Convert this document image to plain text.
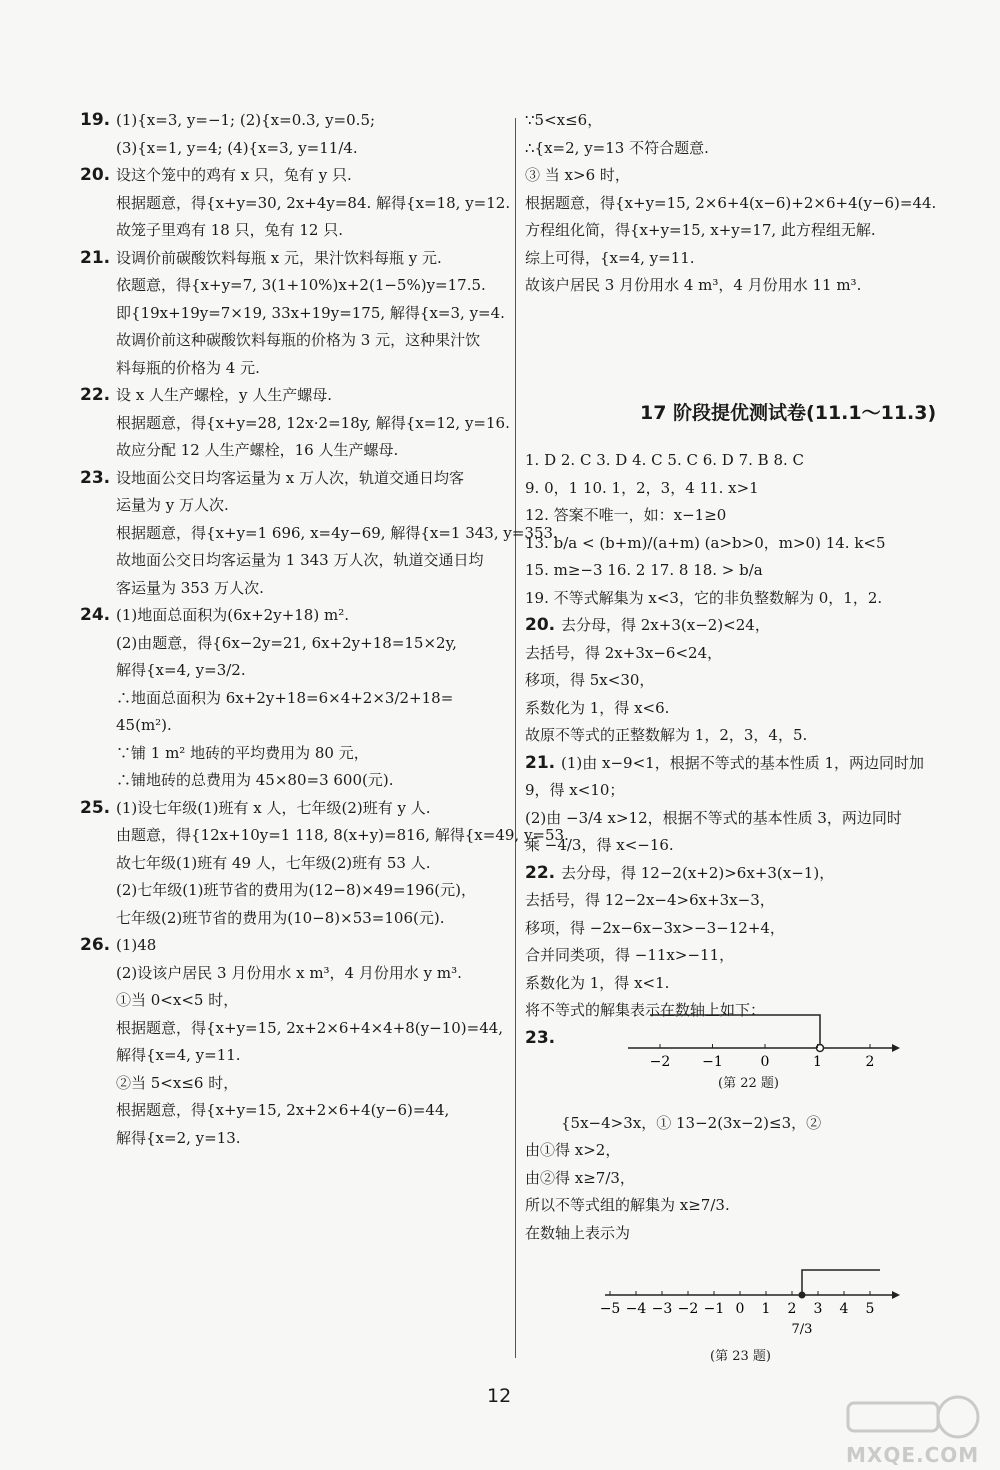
19. (1){x=3, y=−1; (2){x=0.3, y=0.5;
(3){x=1, y=4; (4){x=3, y=11/4.
20. 设这个笼中的鸡有 x 只，兔有 y 只.
根据题意，得{x+y=30, 2x+4y=84. 解得{x=18, y=12.
故笼子里鸡有 18 只，兔有 12 只.
21. 设调价前碳酸饮料每瓶 x 元，果汁饮料每瓶 y 元.
依题意，得{x+y=7, 3(1+10%)x+2(1−5%)y=17.5.
即{19x+19y=7×19, 33x+19y=175, 解得{x=3, y=4.
故调价前这种碳酸饮料每瓶的价格为 3 元，这种果汁饮
料每瓶的价格为 4 元.
22. 设 x 人生产螺栓，y 人生产螺母.
根据题意，得{x+y=28, 12x·2=18y, 解得{x=12, y=16.
故应分配 12 人生产螺栓，16 人生产螺母.
23. 设地面公交日均客运量为 x 万人次，轨道交通日均客
运量为 y 万人次.
根据题意，得{x+y=1 696, x=4y−69, 解得{x=1 343, y=353.
故地面公交日均客运量为 1 343 万人次，轨道交通日均
客运量为 353 万人次.
24. (1)地面总面积为(6x+2y+18) m².
(2)由题意，得{6x−2y=21, 6x+2y+18=15×2y,
解得{x=4, y=3/2.
∴地面总面积为 6x+2y+18=6×4+2×3/2+18=
45(m²).
∵铺 1 m² 地砖的平均费用为 80 元，
∴铺地砖的总费用为 45×80=3 600(元).
25. (1)设七年级(1)班有 x 人，七年级(2)班有 y 人.
由题意，得{12x+10y=1 118, 8(x+y)=816, 解得{x=49, y=53.
故七年级(1)班有 49 人，七年级(2)班有 53 人.
(2)七年级(1)班节省的费用为(12−8)×49=196(元)，
七年级(2)班节省的费用为(10−8)×53=106(元).
26. (1)48
(2)设该户居民 3 月份用水 x m³，4 月份用水 y m³.
①当 0<x<5 时，
根据题意，得{x+y=15, 2x+2×6+4×4+8(y−10)=44,
解得{x=4, y=11.
②当 5<x≤6 时，
根据题意，得{x+y=15, 2x+2×6+4(y−6)=44,
解得{x=2, y=13.
∵5<x≤6，
∴{x=2, y=13 不符合题意.
③ 当 x>6 时，
根据题意，得{x+y=15, 2×6+4(x−6)+2×6+4(y−6)=44.
方程组化简，得{x+y=15, x+y=17, 此方程组无解.
综上可得，{x=4, y=11.
故该户居民 3 月份用水 4 m³，4 月份用水 11 m³.
1. D 2. C 3. D 4. C 5. C 6. D 7. B 8. C
9. 0，1 10. 1，2，3，4 11. x>1
12. 答案不唯一，如：x−1≥0
13. b/a < (b+m)/(a+m) (a>b>0，m>0) 14. k<5
15. m≥−3 16. 2 17. 8 18. > b/a
19. 不等式解集为 x<3，它的非负整数解为 0，1，2.
20. 去分母，得 2x+3(x−2)<24，
去括号，得 2x+3x−6<24，
移项，得 5x<30，
系数化为 1，得 x<6.
故原不等式的正整数解为 1，2，3，4，5.
21. (1)由 x−9<1，根据不等式的基本性质 1，两边同时加
9，得 x<10；
(2)由 −3/4 x>12，根据不等式的基本性质 3，两边同时
乘 −4/3，得 x<−16.
22. 去分母，得 12−2(x+2)>6x+3(x−1)，
去括号，得 12−2x−4>6x+3x−3，
移项，得 −2x−6x−3x>−3−12+4，
合并同类项，得 −11x>−11，
系数化为 1，得 x<1.
将不等式的解集表示在数轴上如下：
23.
{5x−4>3x，① 13−2(3x−2)≤3，②
由①得 x>2，
由②得 x≥7/3，
所以不等式组的解集为 x≥7/3.
在数轴上表示为
17 阶段提优测试卷(11.1～11.3)
−2 −1	0	1	2
(第 22 题)
−5 −4 −3 −2 −1 0 1 2 3 4 5
7/3
(第 23 题)
12
MXQE.COM
